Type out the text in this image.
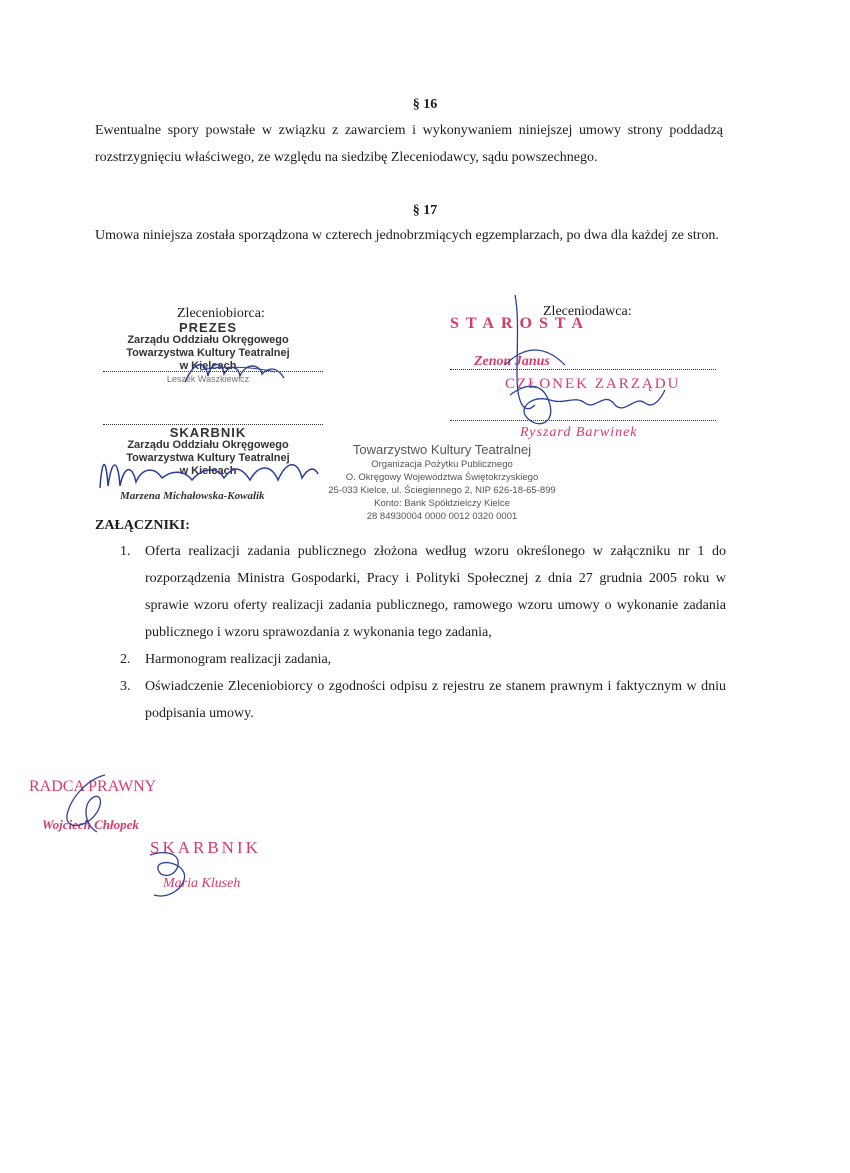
§ 16
Ewentualne spory powstałe w związku z zawarciem i wykonywaniem niniejszej umowy strony poddadzą rozstrzygnięciu właściwego, ze względu na siedzibę Zleceniodawcy, sądu powszechnego.
§ 17
Umowa niniejsza została sporządzona w czterech jednobrzmiących egzemplarzach, po dwa dla każdej ze stron.
Zleceniobiorca:	Zleceniodawca:
PREZES
Zarządu Oddziału Okręgowego
Towarzystwa Kultury Teatralnej
w Kielcach
Leszek Waszkiewicz
SKARBNIK
Zarządu Oddziału Okręgowego
Towarzystwa Kultury Teatralnej
w Kielcach
Marzena Michałowska-Kowalik
Towarzystwo Kultury Teatralnej
Organizacja Pożytku Publicznego
O. Okręgowy Województwa Świętokrzyskiego
25-033 Kielce, ul. Ściegiennego 2, NIP 626-18-65-899
Konto: Bank Spółdzielczy Kielce
28 84930004 0000 0012 0320 0001
STAROSTA
Zenon Janus
CZŁONEK ZARZĄDU
Ryszard Barwinek
ZAŁĄCZNIKI:
1.	Oferta realizacji zadania publicznego złożona według wzoru określonego w załączniku nr 1 do rozporządzenia Ministra Gospodarki, Pracy i Polityki Społecznej z dnia 27 grudnia 2005 roku w sprawie wzoru oferty realizacji zadania publicznego, ramowego wzoru umowy o wykonanie zadania publicznego i wzoru sprawozdania z wykonania tego zadania,
2.	Harmonogram realizacji zadania,
3.	Oświadczenie Zleceniobiorcy o zgodności odpisu z rejestru ze stanem prawnym i faktycznym w dniu podpisania umowy.
RADCA PRAWNY
Wojciech Chłopek
SKARBNIK
Maria Kluseh
